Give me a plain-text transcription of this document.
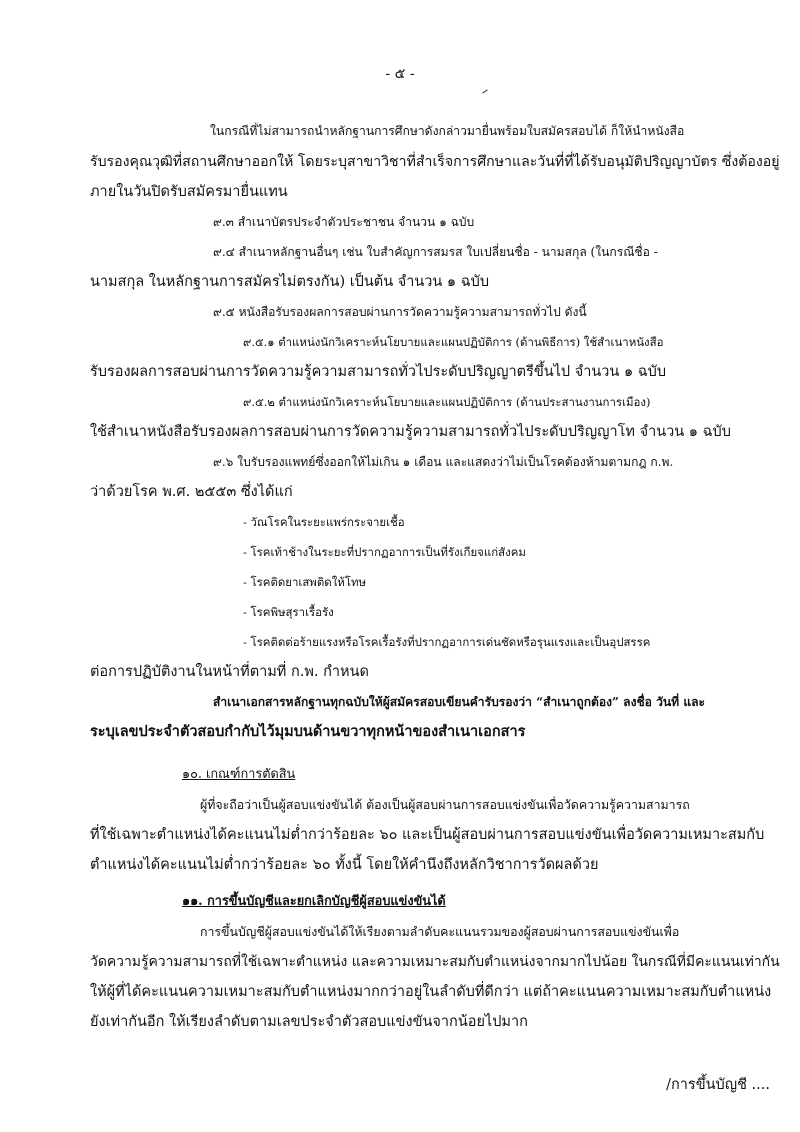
- ๕ -
ในกรณีที่ไม่สามารถนำหลักฐานการศึกษาดังกล่าวมายื่นพร้อมใบสมัครสอบได้ ก็ให้นำหนังสือ
รับรองคุณวุฒิที่สถานศึกษาออกให้ โดยระบุสาขาวิชาที่สำเร็จการศึกษาและวันที่ที่ได้รับอนุมัติปริญญาบัตร ซึ่งต้องอยู่
ภายในวันปิดรับสมัครมายื่นแทน
๙.๓ สำเนาบัตรประจำตัวประชาชน จำนวน ๑ ฉบับ
๙.๔ สำเนาหลักฐานอื่นๆ เช่น ใบสำคัญการสมรส ใบเปลี่ยนชื่อ - นามสกุล (ในกรณีชื่อ -
นามสกุล ในหลักฐานการสมัครไม่ตรงกัน) เป็นต้น จำนวน ๑ ฉบับ
๙.๕ หนังสือรับรองผลการสอบผ่านการวัดความรู้ความสามารถทั่วไป ดังนี้
๙.๕.๑ ตำแหน่งนักวิเคราะห์นโยบายและแผนปฏิบัติการ (ด้านพิธีการ) ใช้สำเนาหนังสือ
รับรองผลการสอบผ่านการวัดความรู้ความสามารถทั่วไประดับปริญญาตรีขึ้นไป จำนวน ๑ ฉบับ
๙.๕.๒ ตำแหน่งนักวิเคราะห์นโยบายและแผนปฏิบัติการ (ด้านประสานงานการเมือง)
ใช้สำเนาหนังสือรับรองผลการสอบผ่านการวัดความรู้ความสามารถทั่วไประดับปริญญาโท จำนวน ๑ ฉบับ
๙.๖ ใบรับรองแพทย์ซึ่งออกให้ไม่เกิน ๑ เดือน และแสดงว่าไม่เป็นโรคต้องห้ามตามกฎ ก.พ.
ว่าด้วยโรค พ.ศ. ๒๕๕๓ ซึ่งได้แก่
- วัณโรคในระยะแพร่กระจายเชื้อ
- โรคเท้าช้างในระยะที่ปรากฏอาการเป็นที่รังเกียจแก่สังคม
- โรคติดยาเสพติดให้โทษ
- โรคพิษสุราเรื้อรัง
- โรคติดต่อร้ายแรงหรือโรคเรื้อรังที่ปรากฏอาการเด่นชัดหรือรุนแรงและเป็นอุปสรรค
ต่อการปฏิบัติงานในหน้าที่ตามที่ ก.พ. กำหนด
สำเนาเอกสารหลักฐานทุกฉบับให้ผู้สมัครสอบเขียนคำรับรองว่า “สำเนาถูกต้อง” ลงชื่อ วันที่ และ
ระบุเลขประจำตัวสอบกำกับไว้มุมบนด้านขวาทุกหน้าของสำเนาเอกสาร
๑๐. เกณฑ์การตัดสิน
ผู้ที่จะถือว่าเป็นผู้สอบแข่งขันได้ ต้องเป็นผู้สอบผ่านการสอบแข่งขันเพื่อวัดความรู้ความสามารถ
ที่ใช้เฉพาะตำแหน่งได้คะแนนไม่ต่ำกว่าร้อยละ ๖๐ และเป็นผู้สอบผ่านการสอบแข่งขันเพื่อวัดความเหมาะสมกับ
ตำแหน่งได้คะแนนไม่ต่ำกว่าร้อยละ ๖๐ ทั้งนี้ โดยให้คำนึงถึงหลักวิชาการวัดผลด้วย
๑๑. การขึ้นบัญชีและยกเลิกบัญชีผู้สอบแข่งขันได้
การขึ้นบัญชีผู้สอบแข่งขันได้ให้เรียงตามลำดับคะแนนรวมของผู้สอบผ่านการสอบแข่งขันเพื่อ
วัดความรู้ความสามารถที่ใช้เฉพาะตำแหน่ง และความเหมาะสมกับตำแหน่งจากมากไปน้อย ในกรณีที่มีคะแนนเท่ากัน
ให้ผู้ที่ได้คะแนนความเหมาะสมกับตำแหน่งมากกว่าอยู่ในลำดับที่ดีกว่า แต่ถ้าคะแนนความเหมาะสมกับตำแหน่ง
ยังเท่ากันอีก ให้เรียงลำดับตามเลขประจำตัวสอบแข่งขันจากน้อยไปมาก
/การขึ้นบัญชี ....
